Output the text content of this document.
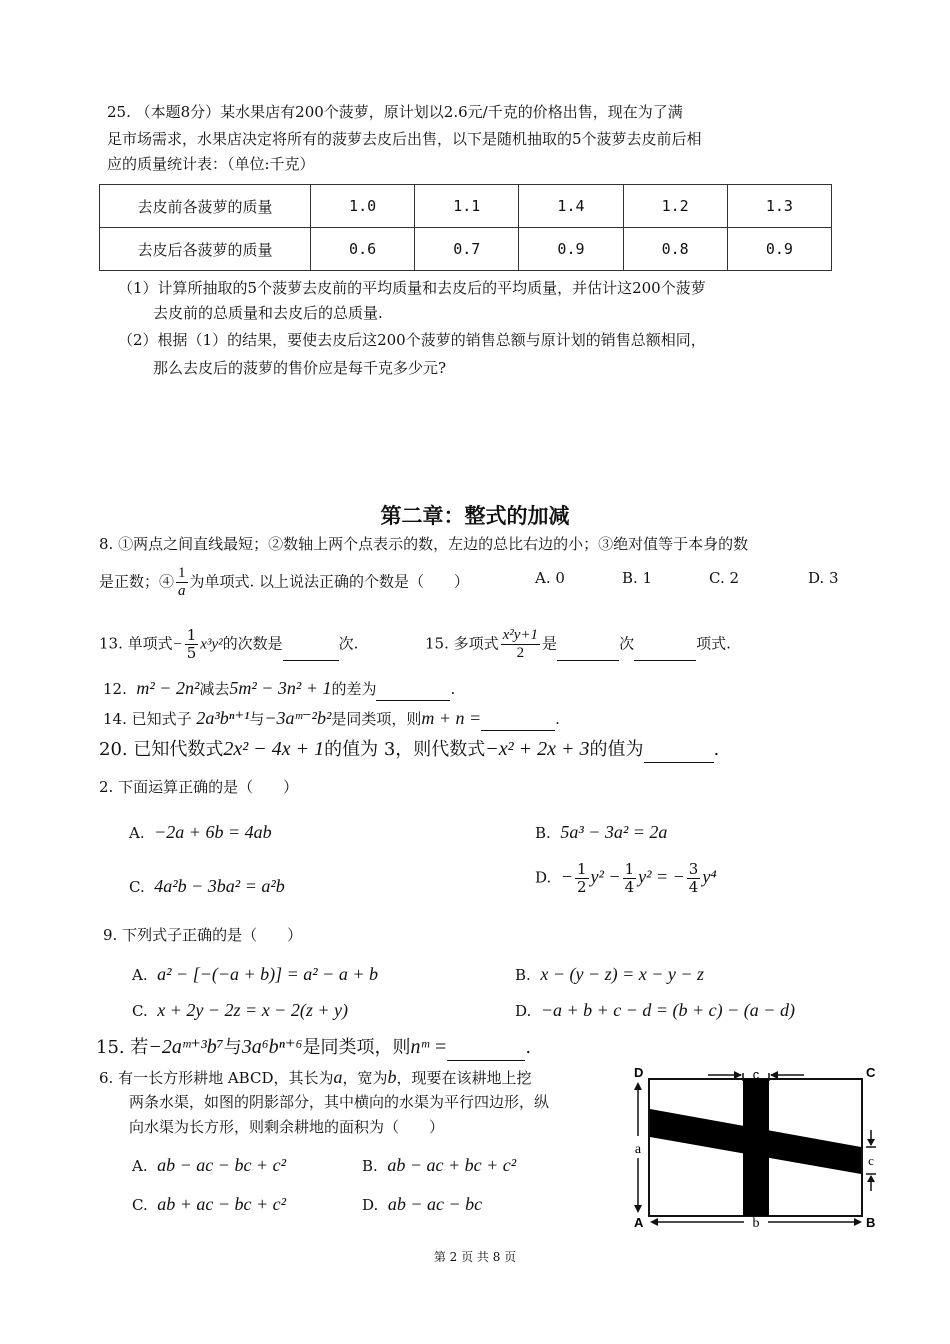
25. （本题8分）某水果店有200个菠萝，原计划以2.6元/千克的价格出售，现在为了满
足市场需求，水果店决定将所有的菠萝去皮后出售，以下是随机抽取的5个菠萝去皮前后相
应的质量统计表：（单位:千克）
去皮前各菠萝的质量	1.0	1.1	1.4	1.2	1.3
去皮后各菠萝的质量	0.6	0.7	0.9	0.8	0.9
（1）计算所抽取的5个菠萝去皮前的平均质量和去皮后的平均质量，并估计这200个菠萝
去皮前的总质量和去皮后的总质量.
（2）根据（1）的结果，要使去皮后这200个菠萝的销售总额与原计划的销售总额相同，
那么去皮后的菠萝的售价应是每千克多少元?
第二章：整式的加减
8. ①两点之间直线最短；②数轴上两个点表示的数，左边的总比右边的小；③绝对值等于本身的数
是正数；④ $\frac{1}{a}$ 为单项式. 以上说法正确的个数是（　　）	A. 0	B. 1	C. 2	D. 3
13. 单项式− $\frac{1}{5} x^3y^2$的次数是	次.	15. 多项式 $\frac{\text{x²y+1}}{2}$ 是	次	项式.
12. m² − 2n²减去5m² − 3n² + 1的差为	.
14. 已知式子 2a³bⁿ⁺¹与−3aᵐ⁻²b²是同类项，则m + n =	.
20. 已知代数式2x² − 4x + 1的值为 3，则代数式−x² + 2x + 3的值为	.
2. 下面运算正确的是（　　）
A. −2a + 6b = 4ab	B. 5a³ − 3a² = 2a
C. 4a²b − 3ba² = a²b	D. − $\frac{1}{2} y^2 - \frac{1}{4} y^2$ = − $\frac{3}{4} y^4$
9. 下列式子正确的是（　　）
A. a² − [−(−a + b)] = a² − a + b	B. x − (y − z) = x − y − z
C. x + 2y − 2z = x − 2(z + y)	D. −a + b + c − d = (b + c) − (a − d)
15. 若−2aᵐ⁺³b⁷与3a⁶bⁿ⁺⁶是同类项，则nᵐ =	.
6. 有一长方形耕地 ABCD，其长为a，宽为b，现要在该耕地上挖
两条水渠，如图的阴影部分，其中横向的水渠为平行四边形，纵
向水渠为长方形，则剩余耕地的面积为（　　）
A. ab − ac − bc + c²	B. ab − ac + bc + c²
C. ab + ac − bc + c²	D. ab − ac − bc
c
a
b
c
D	C
A	B
第 2 页 共 8 页
